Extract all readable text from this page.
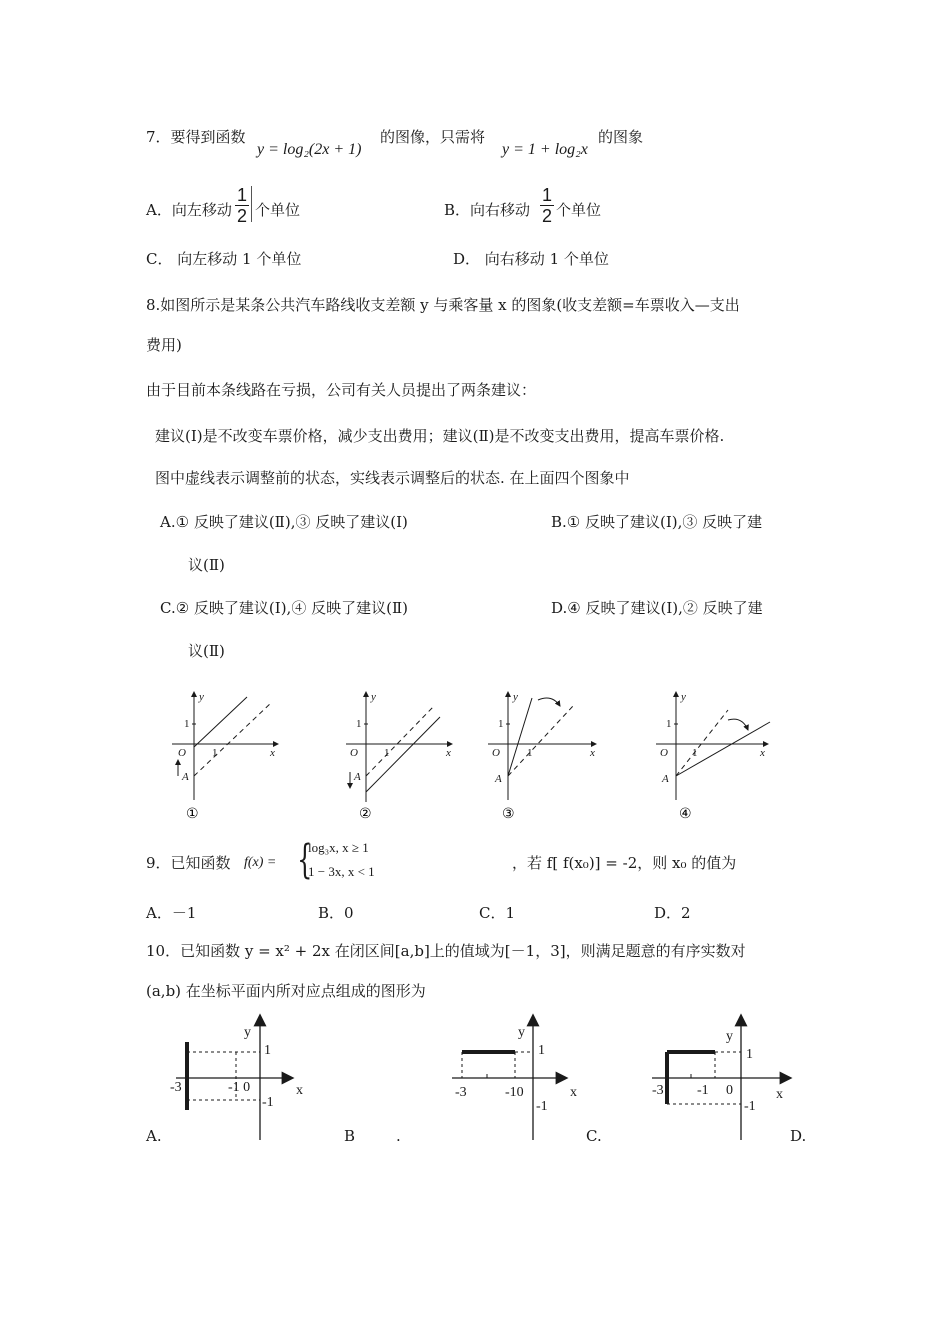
7．要得到函数
y = log₂(2x + 1)
的图像，只需将
y = 1 + log₂x
的图象
A．向左移动
1
2 个单位	B．向右移动
1
2 个单位
C． 向左移动 1 个单位	D． 向右移动 1 个单位
8.如图所示是某条公共汽车路线收支差额 y 与乘客量 x 的图象(收支差额=车票收入—支出
费用)
由于目前本条线路在亏损，公司有关人员提出了两条建议：
建议(Ⅰ)是不改变车票价格，减少支出费用；建议(Ⅱ)是不改变支出费用，提高车票价格.
图中虚线表示调整前的状态，实线表示调整后的状态. 在上面四个图象中
A.① 反映了建议(Ⅱ),③ 反映了建议(Ⅰ)	B.① 反映了建议(Ⅰ),③ 反映了建
议(Ⅱ)
C.② 反映了建议(Ⅰ),④ 反映了建议(Ⅱ)	D.④ 反映了建议(Ⅰ),② 反映了建
议(Ⅱ)
y
x
O
1
1
A
①
y
x
O
1
1
A
②
y
x
O
1
1
A
③
y
x
O
1
1
A
④
9．已知函数 f(x) = {
log₃x, x ≥ 1
1 − 3x, x < 1	，若 f[ f(x₀)] = -2，则 x₀ 的值为
A．－1	B．0	C．1	D．2
10．已知函数 y = x² + 2x 在闭区间[a,b]上的值域为[－1，3]，则满足题意的有序实数对
(a,b) 在坐标平面内所对应点组成的图形为
y
1
x
-3	-1 0
-1
y
1
x
-3	-10
-1
y
1
x
-3 -1 0
-1
A.	B	.	C.	D.
